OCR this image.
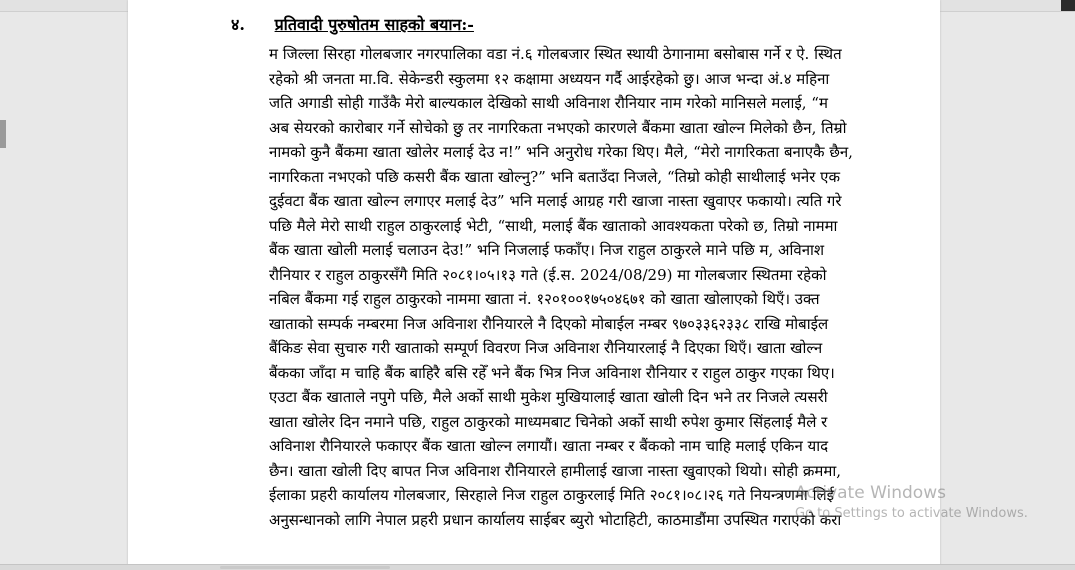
४. प्रतिवादी पुरुषोतम साहको बयान:-
म जिल्ला सिरहा गोलबजार नगरपालिका वडा नं.६ गोलबजार स्थित स्थायी ठेगानामा बसोबास गर्ने र ऐ. स्थित
रहेको श्री जनता मा.वि. सेकेन्डरी स्कुलमा १२ कक्षामा अध्ययन गर्दै आईरहेको छु। आज भन्दा अं.४ महिना
जति अगाडी सोही गाउँकै मेरो बाल्यकाल देखिको साथी अविनाश रौनियार नाम गरेको मानिसले मलाई, “म
अब सेयरको कारोबार गर्ने सोचेको छु तर नागरिकता नभएको कारणले बैंकमा खाता खोल्न मिलेको छैन, तिम्रो
नामको कुनै बैंकमा खाता खोलेर मलाई देउ न!” भनि अनुरोध गरेका थिए। मैले, “मेरो नागरिकता बनाएकै छैन,
नागरिकता नभएको पछि कसरी बैंक खाता खोल्नु?” भनि बताउँदा निजले, “तिम्रो कोही साथीलाई भनेर एक
दुईवटा बैंक खाता खोल्न लगाएर मलाई देउ” भनि मलाई आग्रह गरी खाजा नास्ता खुवाएर फकायो। त्यति गरे
पछि मैले मेरो साथी राहुल ठाकुरलाई भेटी, “साथी, मलाई बैंक खाताको आवश्यकता परेको छ, तिम्रो नाममा
बैंक खाता खोली मलाई चलाउन देउ!” भनि निजलाई फकाँए। निज राहुल ठाकुरले माने पछि म, अविनाश
रौनियार र राहुल ठाकुरसँगै मिति २०८१।०५।१३ गते (ई.स. 2024/08/29) मा गोलबजार स्थितमा रहेको
नबिल बैंकमा गई राहुल ठाकुरको नाममा खाता नं. १२०१००१७५०४६७१ को खाता खोलाएको थिएँ। उक्त
खाताको सम्पर्क नम्बरमा निज अविनाश रौनियारले नै दिएको मोबाईल नम्बर ९७०३३६२३३८ राखि मोबाईल
बैंकिङ सेवा सुचारु गरी खाताको सम्पूर्ण विवरण निज अविनाश रौनियारलाई नै दिएका थिएँ। खाता खोल्न
बैंकका जाँदा म चाहि बैंक बाहिरै बसि रहेँ भने बैंक भित्र निज अविनाश रौनियार र राहुल ठाकुर गएका थिए।
एउटा बैंक खाताले नपुगे पछि, मैले अर्को साथी मुकेश मुखियालाई खाता खोली दिन भने तर निजले त्यसरी
खाता खोलेर दिन नमाने पछि, राहुल ठाकुरको माध्यमबाट चिनेको अर्को साथी रुपेश कुमार सिंहलाई मैले र
अविनाश रौनियारले फकाएर बैंक खाता खोल्न लगायौं। खाता नम्बर र बैंकको नाम चाहि मलाई एकिन याद
छैन। खाता खोली दिए बापत निज अविनाश रौनियारले हामीलाई खाजा नास्ता खुवाएको थियो। सोही क्रममा,
ईलाका प्रहरी कार्यालय गोलबजार, सिरहाले निज राहुल ठाकुरलाई मिति २०८१।०८।२६ गते नियन्त्रणमा लिई
अनुसन्धानको लागि नेपाल प्रहरी प्रधान कार्यालय साईबर ब्युरो भोटाहिटी, काठमाडौंमा उपस्थित गराएको करा
Activate Windows
Go to Settings to activate Windows.
